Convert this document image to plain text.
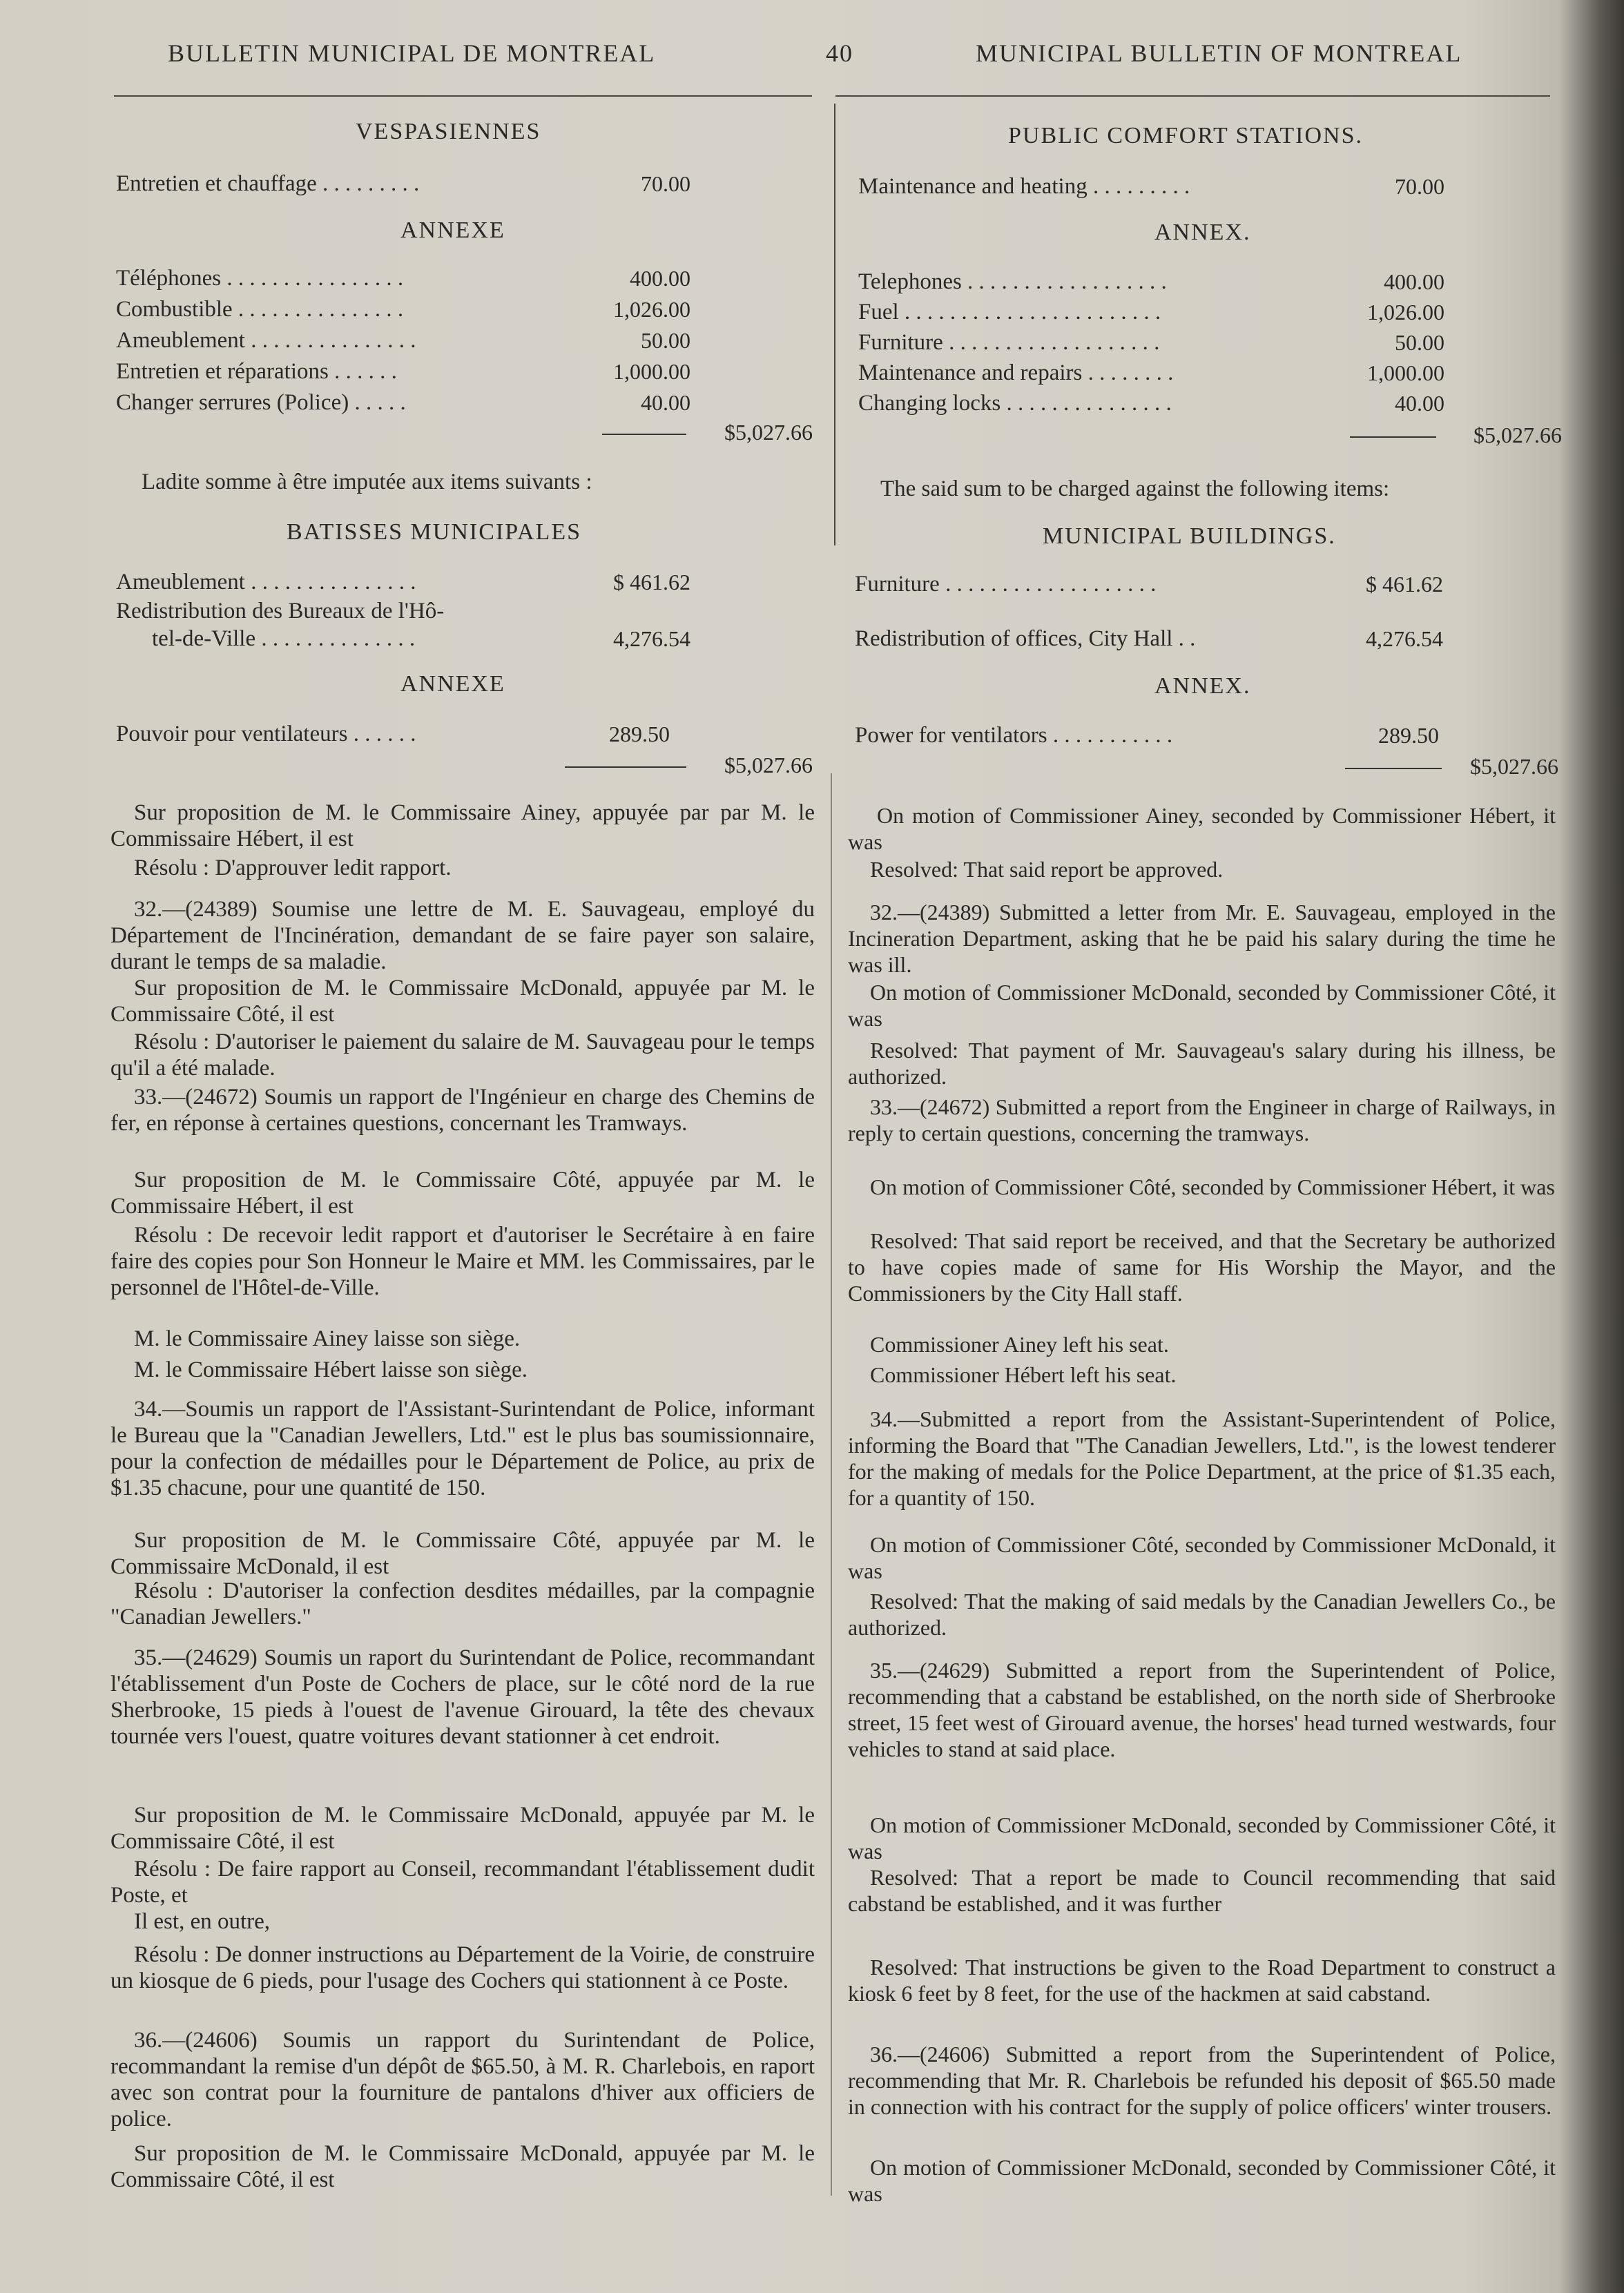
BULLETIN MUNICIPAL DE MONTREAL	40	MUNICIPAL BULLETIN OF MONTREAL
VESPASIENNES
Entretien et chauffage . . . . . . . . .	70.00
ANNEXE
Téléphones . . . . . . . . . . . . . . . .	400.00
Combustible . . . . . . . . . . . . . . .	1,026.00
Ameublement . . . . . . . . . . . . . . .	50.00
Entretien et réparations . . . . . .	1,000.00
Changer serrures (Police) . . . . .	40.00
$5,027.66
Ladite somme à être imputée aux items suivants :
BATISSES MUNICIPALES
Ameublement . . . . . . . . . . . . . . .	$ 461.62
Redistribution des Bureaux de l'Hô-
tel-de-Ville . . . . . . . . . . . . . .	4,276.54
ANNEXE
Pouvoir pour ventilateurs . . . . . .	289.50
$5,027.66

Sur proposition de M. le Commissaire Ainey, appuyée par par M. le Commissaire Hébert, il est

Résolu : D'approuver ledit rapport.

32.—(24389) Soumise une lettre de M. E. Sauvageau, employé du Département de l'Incinération, demandant de se faire payer son salaire, durant le temps de sa maladie.

Sur proposition de M. le Commissaire McDonald, appuyée par M. le Commissaire Côté, il est

Résolu : D'autoriser le paiement du salaire de M. Sauvageau pour le temps qu'il a été malade.

33.—(24672) Soumis un rapport de l'Ingénieur en charge des Chemins de fer, en réponse à certaines questions, concernant les Tramways.

Sur proposition de M. le Commissaire Côté, appuyée par M. le Commissaire Hébert, il est

Résolu : De recevoir ledit rapport et d'autoriser le Secrétaire à en faire faire des copies pour Son Honneur le Maire et MM. les Commissaires, par le personnel de l'Hôtel-de-Ville.

M. le Commissaire Ainey laisse son siège.

M. le Commissaire Hébert laisse son siège.

34.—Soumis un rapport de l'Assistant-Surintendant de Police, informant le Bureau que la "Canadian Jewellers, Ltd." est le plus bas soumissionnaire, pour la confection de médailles pour le Département de Police, au prix de $1.35 chacune, pour une quantité de 150.

Sur proposition de M. le Commissaire Côté, appuyée par M. le Commissaire McDonald, il est

Résolu : D'autoriser la confection desdites médailles, par la compagnie "Canadian Jewellers."

35.—(24629) Soumis un raport du Surintendant de Police, recommandant l'établissement d'un Poste de Cochers de place, sur le côté nord de la rue Sherbrooke, 15 pieds à l'ouest de l'avenue Girouard, la tête des chevaux tournée vers l'ouest, quatre voitures devant stationner à cet endroit.

Sur proposition de M. le Commissaire McDonald, appuyée par M. le Commissaire Côté, il est

Résolu : De faire rapport au Conseil, recommandant l'établissement dudit Poste, et

Il est, en outre,

Résolu : De donner instructions au Département de la Voirie, de construire un kiosque de 6 pieds, pour l'usage des Cochers qui stationnent à ce Poste.

36.—(24606) Soumis un rapport du Surintendant de Police, recommandant la remise d'un dépôt de $65.50, à M. R. Charlebois, en raport avec son contrat pour la fourniture de pantalons d'hiver aux officiers de police.

Sur proposition de M. le Commissaire McDonald, appuyée par M. le Commissaire Côté, il est

PUBLIC COMFORT STATIONS.
Maintenance and heating . . . . . . . . .	70.00
ANNEX.
Telephones . . . . . . . . . . . . . . . . . .	400.00
Fuel . . . . . . . . . . . . . . . . . . . . . . .	1,026.00
Furniture . . . . . . . . . . . . . . . . . . .	50.00
Maintenance and repairs . . . . . . . .	1,000.00
Changing locks . . . . . . . . . . . . . . .	40.00
$5,027.66
The said sum to be charged against the following items:
MUNICIPAL BUILDINGS.
Furniture . . . . . . . . . . . . . . . . . . .	$ 461.62
Redistribution of offices, City Hall . .	4,276.54
ANNEX.
Power for ventilators . . . . . . . . . . .	289.50
$5,027.66

On motion of Commissioner Ainey, seconded by Commissioner Hébert, it was

Resolved: That said report be approved.

32.—(24389) Submitted a letter from Mr. E. Sauvageau, employed in the Incineration Department, asking that he be paid his salary during the time he was ill.

On motion of Commissioner McDonald, seconded by Commissioner Côté, it was

Resolved: That payment of Mr. Sauvageau's salary during his illness, be authorized.

33.—(24672) Submitted a report from the Engineer in charge of Railways, in reply to certain questions, concerning the tramways.

On motion of Commissioner Côté, seconded by Commissioner Hébert, it was

Resolved: That said report be received, and that the Secretary be authorized to have copies made of same for His Worship the Mayor, and the Commissioners by the City Hall staff.

Commissioner Ainey left his seat.

Commissioner Hébert left his seat.

34.—Submitted a report from the Assistant-Superintendent of Police, informing the Board that "The Canadian Jewellers, Ltd.", is the lowest tenderer for the making of medals for the Police Department, at the price of $1.35 each, for a quantity of 150.

On motion of Commissioner Côté, seconded by Commissioner McDonald, it was

Resolved: That the making of said medals by the Canadian Jewellers Co., be authorized.

35.—(24629) Submitted a report from the Superintendent of Police, recommending that a cabstand be established, on the north side of Sherbrooke street, 15 feet west of Girouard avenue, the horses' head turned westwards, four vehicles to stand at said place.

On motion of Commissioner McDonald, seconded by Commissioner Côté, it was

Resolved: That a report be made to Council recommending that said cabstand be established, and it was further

Resolved: That instructions be given to the Road Department to construct a kiosk 6 feet by 8 feet, for the use of the hackmen at said cabstand.

36.—(24606) Submitted a report from the Superintendent of Police, recommending that Mr. R. Charlebois be refunded his deposit of $65.50 made in connection with his contract for the supply of police officers' winter trousers.

On motion of Commissioner McDonald, seconded by Commissioner Côté, it was
